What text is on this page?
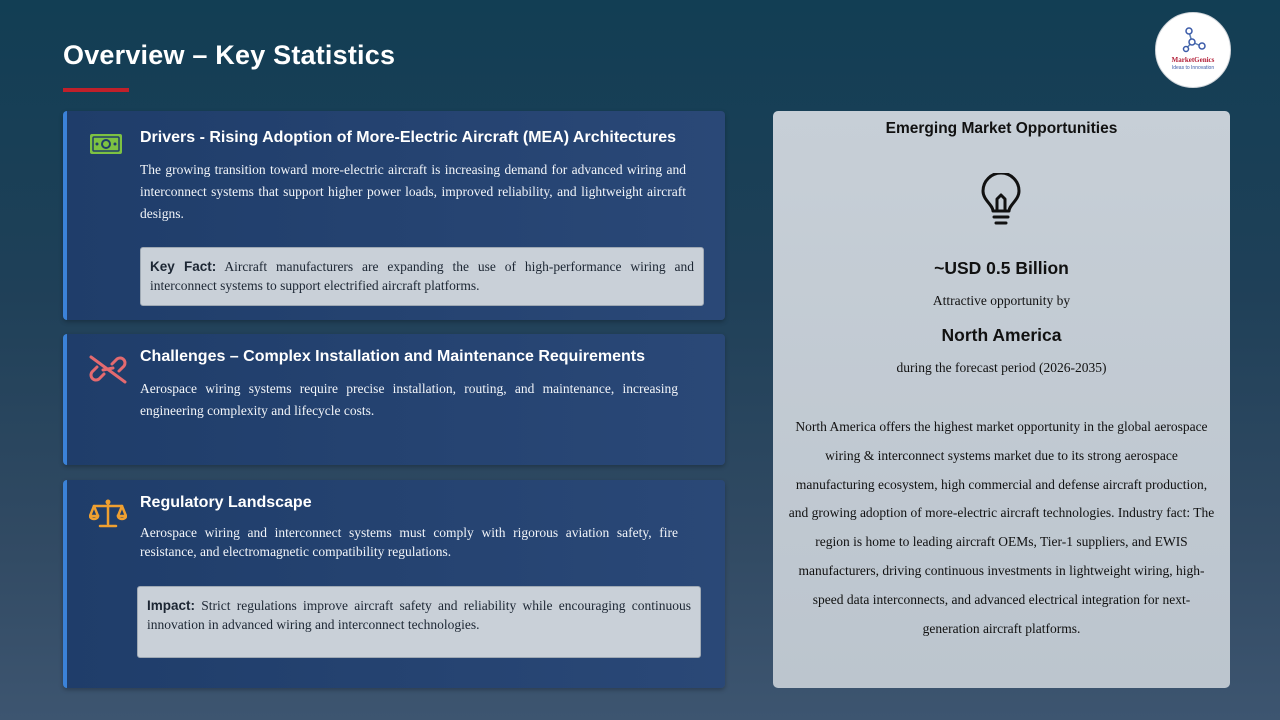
Overview – Key Statistics	MarketGenics
Ideas to Innovation
Drivers - Rising Adoption of More-Electric Aircraft (MEA) Architectures
The growing transition toward more-electric aircraft is increasing demand for advanced wiring and interconnect systems that support higher power loads, improved reliability, and lightweight aircraft designs.
Key Fact: Aircraft manufacturers are expanding the use of high-performance wiring and interconnect systems to support electrified aircraft platforms.
Challenges – Complex Installation and Maintenance Requirements
Aerospace wiring systems require precise installation, routing, and maintenance, increasing engineering complexity and lifecycle costs.
Regulatory Landscape
Aerospace wiring and interconnect systems must comply with rigorous aviation safety, fire resistance, and electromagnetic compatibility regulations.
Impact: Strict regulations improve aircraft safety and reliability while encouraging continuous innovation in advanced wiring and interconnect technologies.
Emerging Market Opportunities
~USD 0.5 Billion
Attractive opportunity by
North America
during the forecast period (2026-2035)
North America offers the highest market opportunity in the global aerospace wiring & interconnect systems market due to its strong aerospace manufacturing ecosystem, high commercial and defense aircraft production, and growing adoption of more-electric aircraft technologies. Industry fact: The region is home to leading aircraft OEMs, Tier-1 suppliers, and EWIS manufacturers, driving continuous investments in lightweight wiring, high-speed data interconnects, and advanced electrical integration for next-generation aircraft platforms.
